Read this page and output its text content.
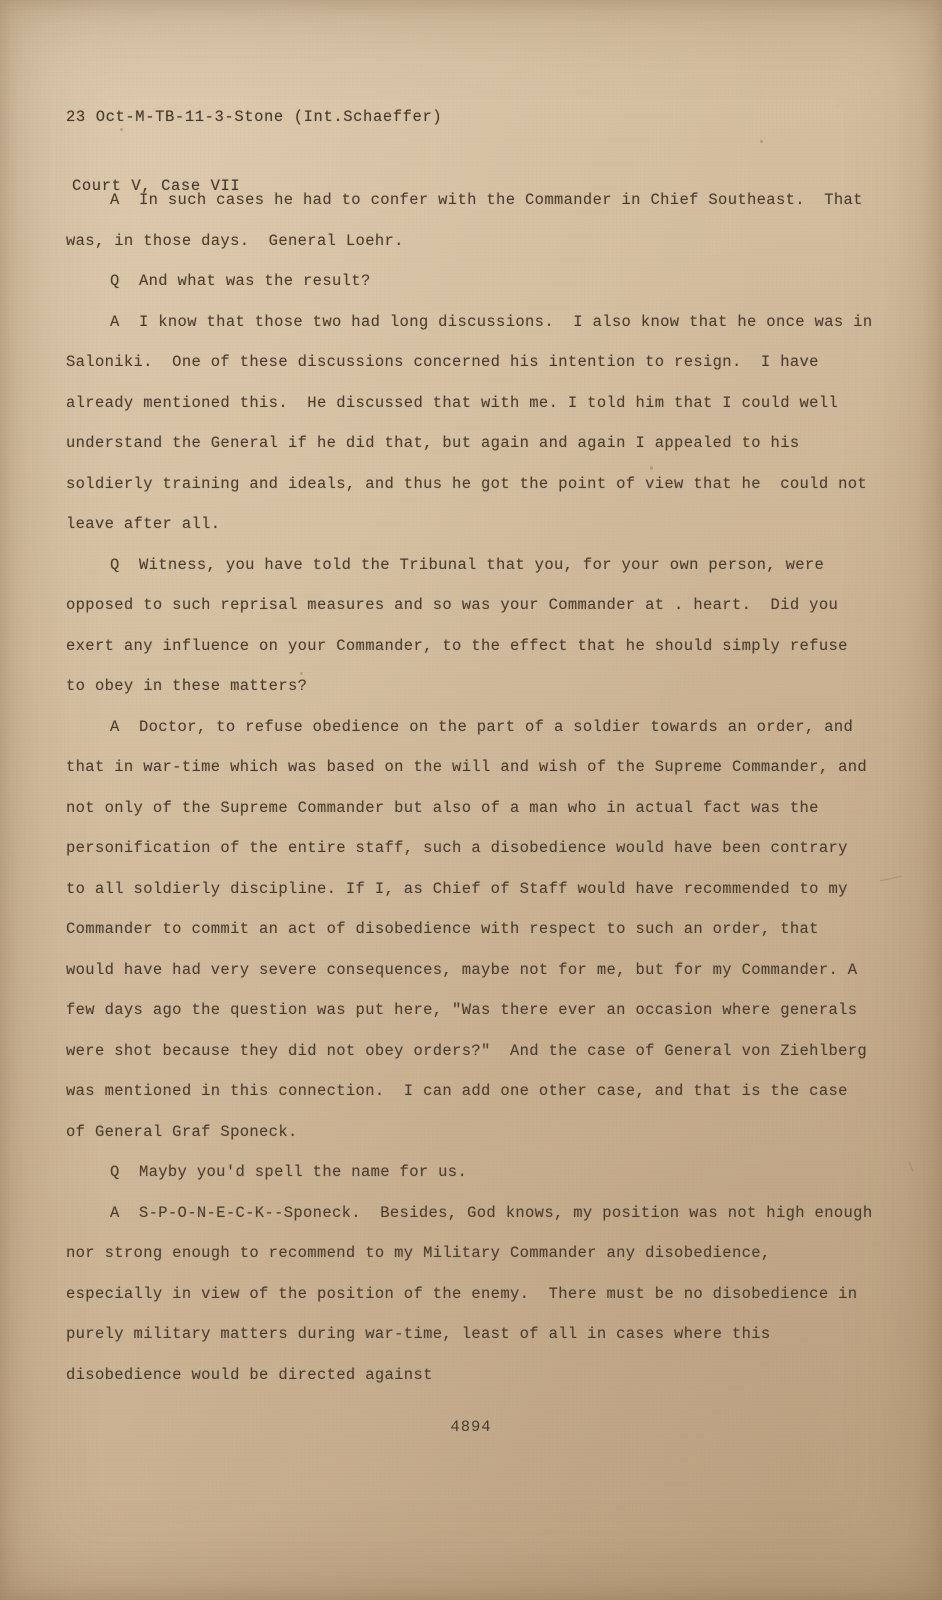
23 Oct-M-TB-11-3-Stone (Int.Schaeffer)

Court V, Case VII

A  In such cases he had to confer with the Commander in Chief Southeast.  That was, in those days.  General Loehr.

Q  And what was the result?

A  I know that those two had long discussions.  I also know that he once was in Saloniki.  One of these discussions concerned his intention to resign.  I have already mentioned this.  He discussed that with me. I told him that I could well understand the General if he did that, but again and again I appealed to his soldierly training and ideals, and thus he got the point of view that he  could not leave after all.

Q  Witness, you have told the Tribunal that you, for your own person, were opposed to such reprisal measures and so was your Commander at . heart.  Did you exert any influence on your Commander, to the effect that he should simply refuse to obey in these matters?

A  Doctor, to refuse obedience on the part of a soldier towards an order, and that in war-time which was based on the will and wish of the Supreme Commander, and not only of the Supreme Commander but also of a man who in actual fact was the personification of the entire staff, such a disobedience would have been contrary to all soldierly discipline. If I, as Chief of Staff would have recommended to my Commander to commit an act of disobedience with respect to such an order, that would have had very severe consequences, maybe not for me, but for my Commander. A few days ago the question was put here, "Was there ever an occasion where generals were shot because they did not obey orders?"  And the case of General von Ziehlberg was mentioned in this connection.  I can add one other case, and that is the case of General Graf Sponeck.

Q  Mayby you'd spell the name for us.

A  S-P-O-N-E-C-K--Sponeck.  Besides, God knows, my position was not high enough nor strong enough to recommend to my Military Commander any disobedience, especially in view of the position of the enemy.  There must be no disobedience in purely military matters during war-time, least of all in cases where this disobedience would be directed against

4894
